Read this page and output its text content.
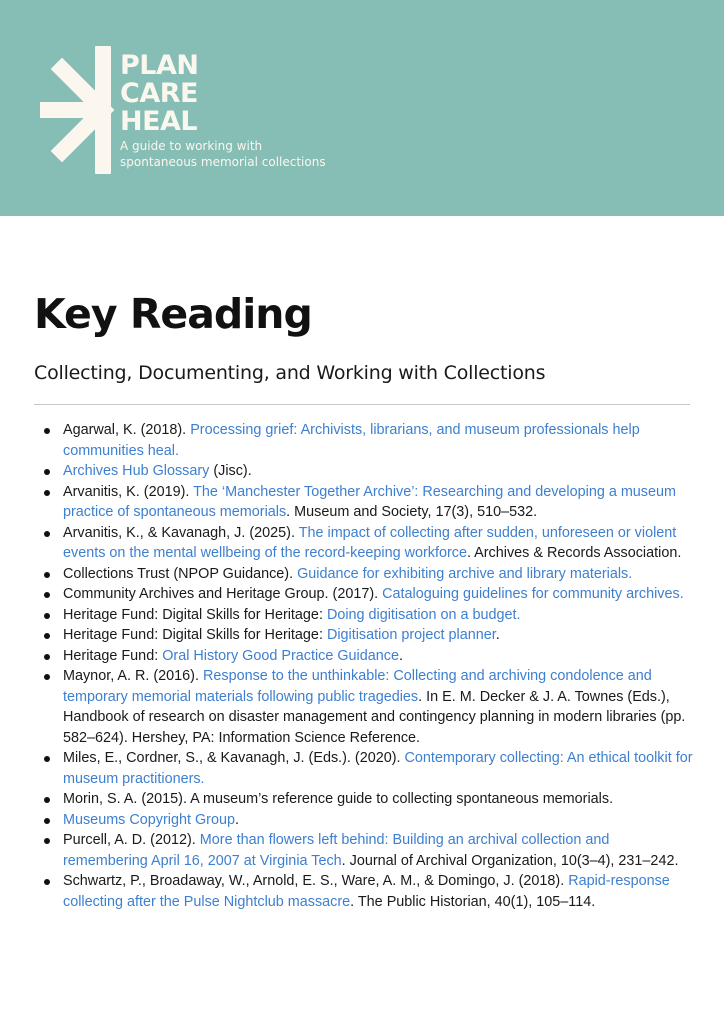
PLAN
CARE
HEAL
A guide to working with
spontaneous memorial collections
Key Reading
Collecting, Documenting, and Working with Collections
Agarwal, K. (2018). Processing grief: Archivists, librarians, and museum professionals help communities heal.
Archives Hub Glossary (Jisc).
Arvanitis, K. (2019). The ‘Manchester Together Archive’: Researching and developing a museum practice of spontaneous memorials. Museum and Society, 17(3), 510–532.
Arvanitis, K., & Kavanagh, J. (2025). The impact of collecting after sudden, unforeseen or violent events on the mental wellbeing of the record-keeping workforce. Archives & Records Association.
Collections Trust (NPOP Guidance). Guidance for exhibiting archive and library materials.
Community Archives and Heritage Group. (2017). Cataloguing guidelines for community archives.
Heritage Fund: Digital Skills for Heritage: Doing digitisation on a budget.
Heritage Fund: Digital Skills for Heritage: Digitisation project planner.
Heritage Fund: Oral History Good Practice Guidance.
Maynor, A. R. (2016). Response to the unthinkable: Collecting and archiving condolence and temporary memorial materials following public tragedies. In E. M. Decker & J. A. Townes (Eds.), Handbook of research on disaster management and contingency planning in modern libraries (pp. 582–624). Hershey, PA: Information Science Reference.
Miles, E., Cordner, S., & Kavanagh, J. (Eds.). (2020). Contemporary collecting: An ethical toolkit for museum practitioners.
Morin, S. A. (2015). A museum’s reference guide to collecting spontaneous memorials.
Museums Copyright Group.
Purcell, A. D. (2012). More than flowers left behind: Building an archival collection and remembering April 16, 2007 at Virginia Tech. Journal of Archival Organization, 10(3–4), 231–242.
Schwartz, P., Broadaway, W., Arnold, E. S., Ware, A. M., & Domingo, J. (2018). Rapid-response collecting after the Pulse Nightclub massacre. The Public Historian, 40(1), 105–114.
